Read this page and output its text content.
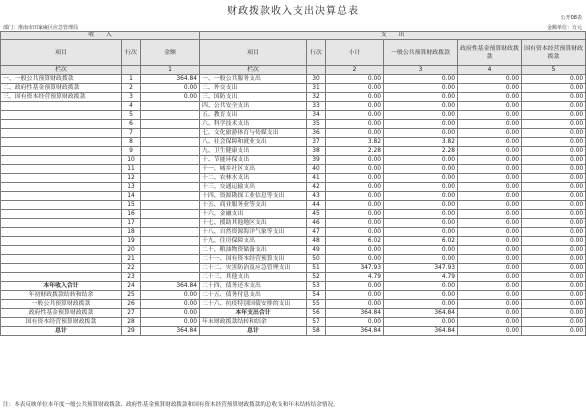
财政拨款收入支出决算总表
公开08表
部门：淮南市田家庵区应急管理局	金额单位：万元
收　　入			支　　出					
项目	行次	金额	项目	行次	小计	一般公共预算财政拨款	政府性基金预算财政拨款	国有资本经营预算财政拨款
栏次		1	栏次		2	3	4	5
一、一般公共预算财政拨款	1	364.84	一、一般公共服务支出	30	0.00	0.00	0.00	0.00
二、政府性基金预算财政拨款	2	0.00	二、外交支出	31	0.00	0.00	0.00	0.00
三、国有资本经营预算财政拨款	3	0.00	三、国防支出	32	0.00	0.00	0.00	0.00
	4		四、公共安全支出	33	0.00	0.00	0.00	0.00
	5		五、教育支出	34	0.00	0.00	0.00	0.00
	6		六、科学技术支出	35	0.00	0.00	0.00	0.00
	7		七、文化旅游体育与传媒支出	36	0.00	0.00	0.00	0.00
	8		八、社会保障和就业支出	37	3.82	3.82	0.00	0.00
	9		九、卫生健康支出	38	2.28	2.28	0.00	0.00
	10		十、节能环保支出	39	0.00	0.00	0.00	0.00
	11		十一、城乡社区支出	40	0.00	0.00	0.00	0.00
	12		十二、农林水支出	41	0.00	0.00	0.00	0.00
	13		十三、交通运输支出	42	0.00	0.00	0.00	0.00
	14		十四、资源勘探工业信息等支出	43	0.00	0.00	0.00	0.00
	15		十五、商业服务业等支出	44	0.00	0.00	0.00	0.00
	16		十六、金融支出	45	0.00	0.00	0.00	0.00
	17		十七、援助其他地区支出	46	0.00	0.00	0.00	0.00
	18		十八、自然资源海洋气象等支出	47	0.00	0.00	0.00	0.00
	19		十九、住房保障支出	48	6.02	6.02	0.00	0.00
	20		二十、粮油物资储备支出	49	0.00	0.00	0.00	0.00
	21		二十一、国有资本经营预算支出	50	0.00	0.00	0.00	0.00
	22		二十二、灾害防治及应急管理支出	51	347.93	347.93	0.00	0.00
	23		二十三、其他支出	52	4.79	4.79	0.00	0.00
本年收入合计	24	364.84	二十四、债务还本支出	53	0.00	0.00	0.00	0.00
年初财政拨款结转和结余	25	0.00	二十五、债务付息支出	54	0.00	0.00	0.00	0.00
一般公共预算财政拨款	26	0.00	二十六、抗疫特别国债安排的支出	55	0.00	0.00	0.00	0.00
政府性基金预算财政拨款	27	0.00	本年支出合计	56	364.84	364.84	0.00	0.00
国有资本经营预算财政拨款	28	0.00	年末财政拨款结转和结余	57	0.00	0.00	0.00	0.00
总计	29	364.84	总计	58	364.84	364.84	0.00	0.00
注：本表反映单位本年度一般公共预算财政拨款、政府性基金预算财政拨款和国有资本经营预算财政拨款的总收支和年末结转结余情况。
